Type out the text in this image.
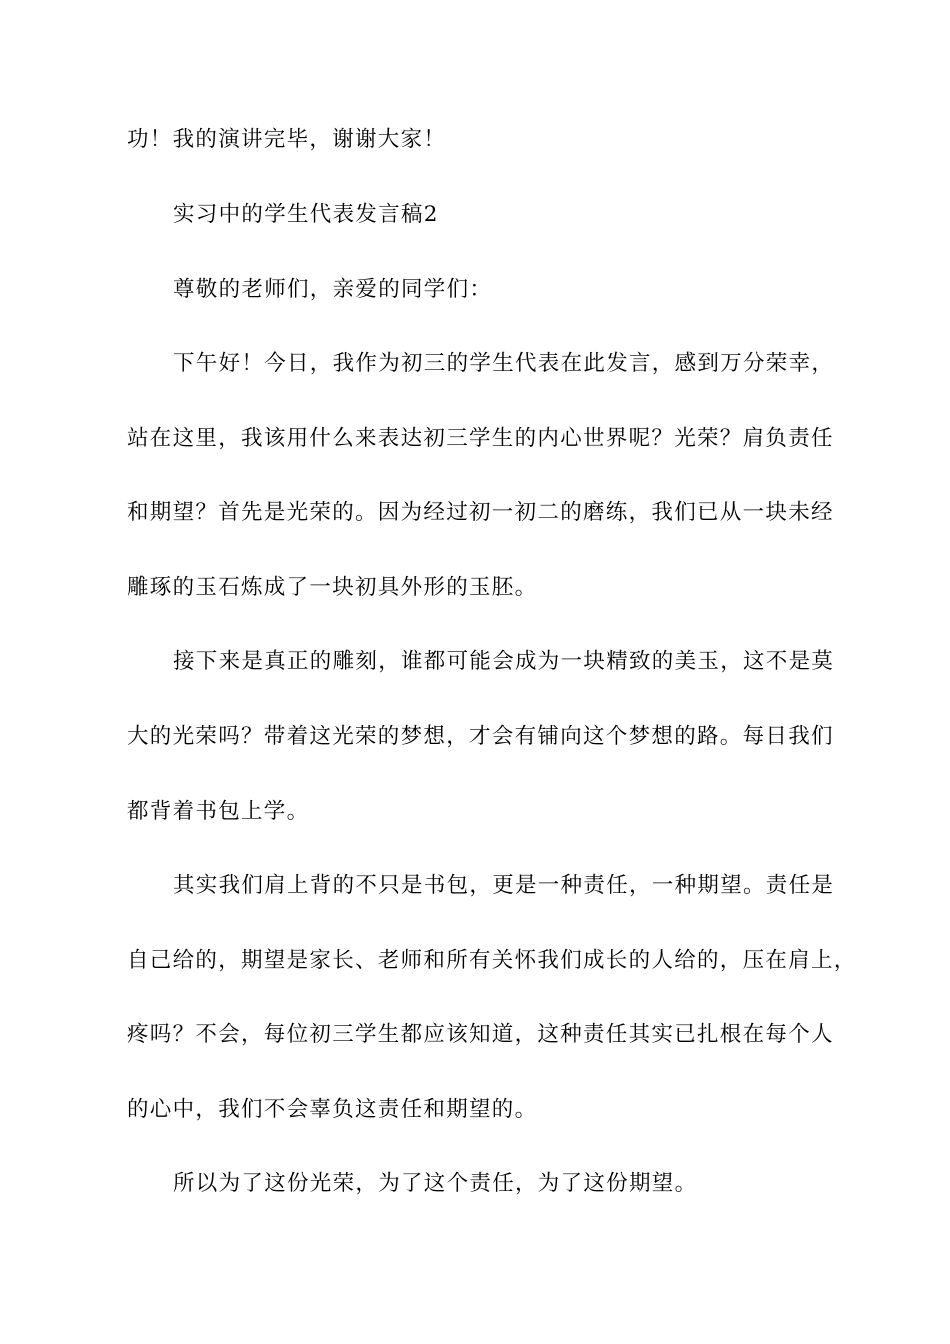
功！我的演讲完毕，谢谢大家！
实习中的学生代表发言稿2
尊敬的老师们，亲爱的同学们：
下午好！今日，我作为初三的学生代表在此发言，感到万分荣幸，
站在这里，我该用什么来表达初三学生的内心世界呢？光荣？肩负责任
和期望？首先是光荣的。因为经过初一初二的磨练，我们已从一块未经
雕琢的玉石炼成了一块初具外形的玉胚。
接下来是真正的雕刻，谁都可能会成为一块精致的美玉，这不是莫
大的光荣吗？带着这光荣的梦想，才会有铺向这个梦想的路。每日我们
都背着书包上学。
其实我们肩上背的不只是书包，更是一种责任，一种期望。责任是
自己给的，期望是家长、老师和所有关怀我们成长的人给的，压在肩上，
疼吗？不会，每位初三学生都应该知道，这种责任其实已扎根在每个人
的心中，我们不会辜负这责任和期望的。
所以为了这份光荣，为了这个责任，为了这份期望。
